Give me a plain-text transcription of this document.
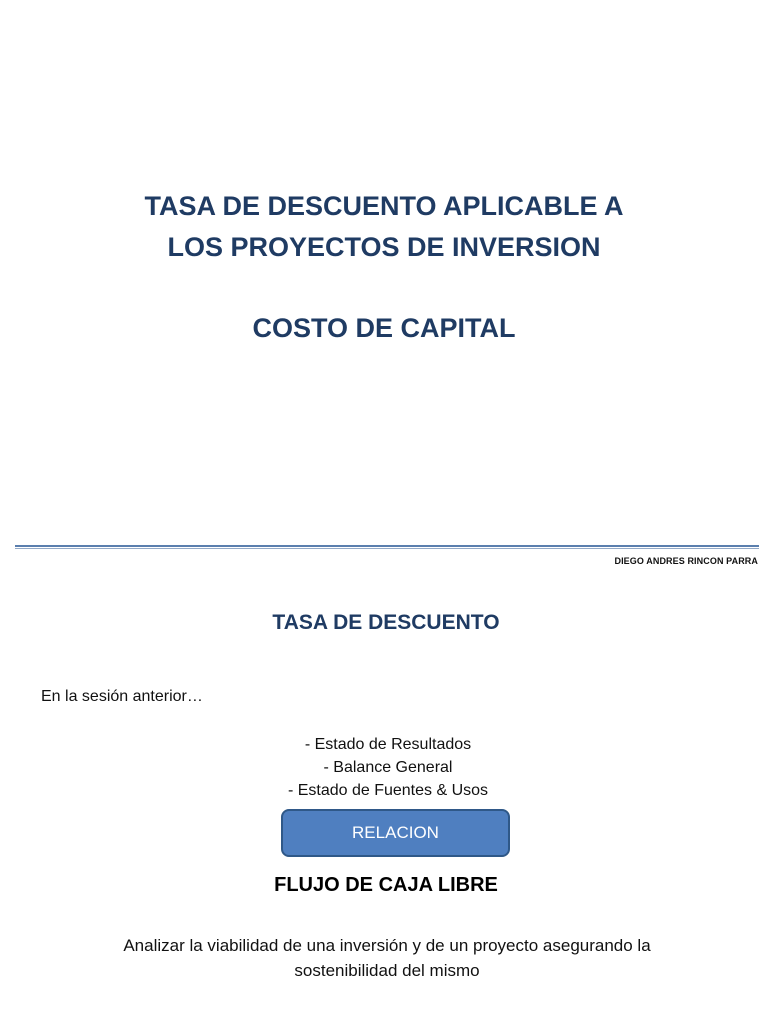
TASA DE DESCUENTO APLICABLE A
LOS PROYECTOS DE INVERSION
COSTO DE CAPITAL
DIEGO ANDRES RINCON PARRA
TASA DE DESCUENTO
En la sesión anterior…
- Estado de Resultados
- Balance General
- Estado de Fuentes & Usos
RELACION
FLUJO DE CAJA LIBRE
Analizar la viabilidad de una inversión y de un proyecto asegurando la
sostenibilidad del mismo
